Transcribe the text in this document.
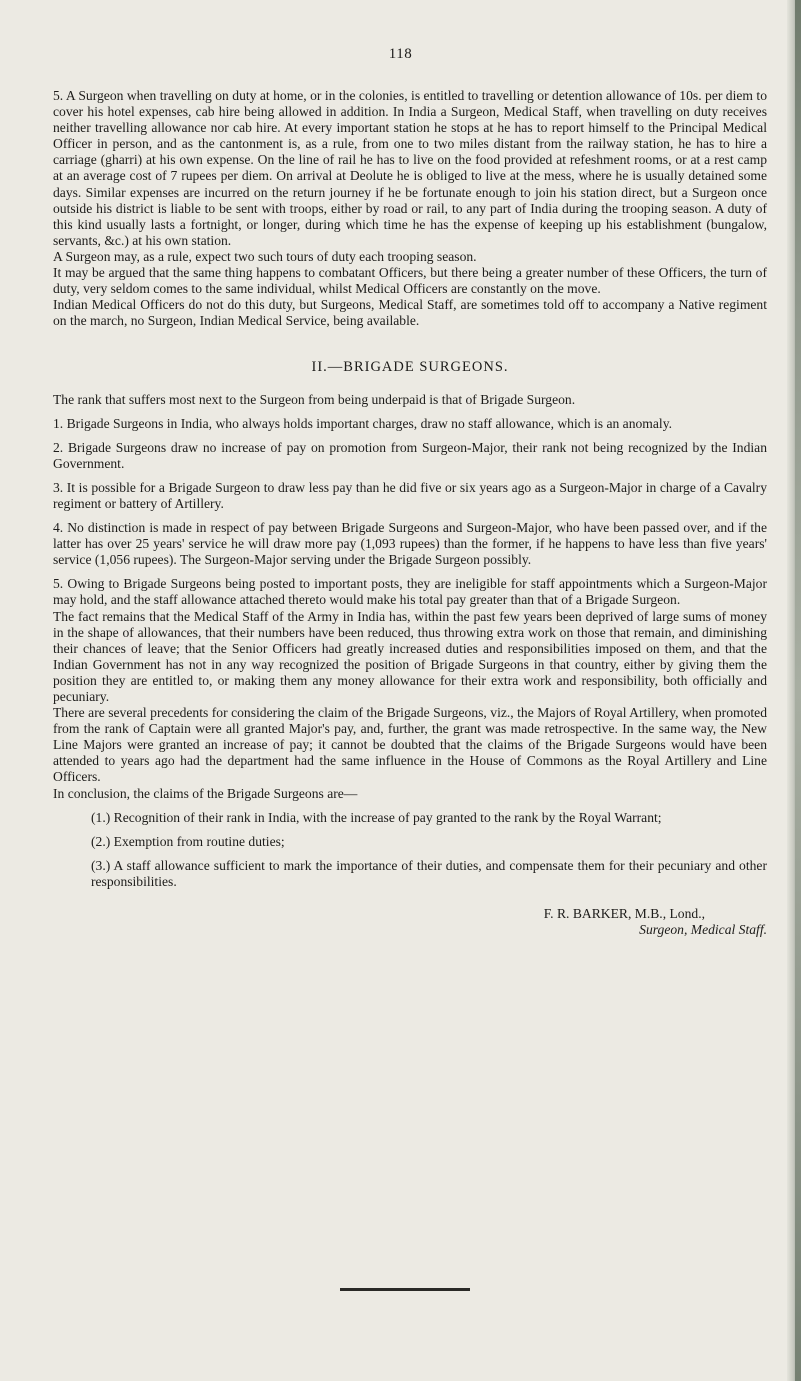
118

5. A Surgeon when travelling on duty at home, or in the colonies, is entitled to travelling or detention allowance of 10s. per diem to cover his hotel expenses, cab hire being allowed in addition. In India a Surgeon, Medical Staff, when travelling on duty receives neither travelling allowance nor cab hire. At every important station he stops at he has to report himself to the Principal Medical Officer in person, and as the cantonment is, as a rule, from one to two miles distant from the railway station, he has to hire a carriage (gharri) at his own expense. On the line of rail he has to live on the food provided at refeshment rooms, or at a rest camp at an average cost of 7 rupees per diem. On arrival at Deolute he is obliged to live at the mess, where he is usually detained some days. Similar expenses are incurred on the return journey if he be fortunate enough to join his station direct, but a Surgeon once outside his district is liable to be sent with troops, either by road or rail, to any part of India during the trooping season. A duty of this kind usually lasts a fortnight, or longer, during which time he has the expense of keeping up his establishment (bungalow, servants, &c.) at his own station.

A Surgeon may, as a rule, expect two such tours of duty each trooping season.

It may be argued that the same thing happens to combatant Officers, but there being a greater number of these Officers, the turn of duty, very seldom comes to the same individual, whilst Medical Officers are constantly on the move.

Indian Medical Officers do not do this duty, but Surgeons, Medical Staff, are sometimes told off to accompany a Native regiment on the march, no Surgeon, Indian Medical Service, being available.

II.—BRIGADE SURGEONS.

The rank that suffers most next to the Surgeon from being underpaid is that of Brigade Surgeon.

1. Brigade Surgeons in India, who always holds important charges, draw no staff allowance, which is an anomaly.

2. Brigade Surgeons draw no increase of pay on promotion from Surgeon-Major, their rank not being recognized by the Indian Government.

3. It is possible for a Brigade Surgeon to draw less pay than he did five or six years ago as a Surgeon-Major in charge of a Cavalry regiment or battery of Artillery.

4. No distinction is made in respect of pay between Brigade Surgeons and Surgeon-Major, who have been passed over, and if the latter has over 25 years' service he will draw more pay (1,093 rupees) than the former, if he happens to have less than five years' service (1,056 rupees). The Surgeon-Major serving under the Brigade Surgeon possibly.

5. Owing to Brigade Surgeons being posted to important posts, they are ineligible for staff appointments which a Surgeon-Major may hold, and the staff allowance attached thereto would make his total pay greater than that of a Brigade Surgeon.

The fact remains that the Medical Staff of the Army in India has, within the past few years been deprived of large sums of money in the shape of allowances, that their numbers have been reduced, thus throwing extra work on those that remain, and diminishing their chances of leave; that the Senior Officers had greatly increased duties and responsibilities imposed on them, and that the Indian Government has not in any way recognized the position of Brigade Surgeons in that country, either by giving them the position they are entitled to, or making them any money allowance for their extra work and responsibility, both officially and pecuniary.

There are several precedents for considering the claim of the Brigade Surgeons, viz., the Majors of Royal Artillery, when promoted from the rank of Captain were all granted Major's pay, and, further, the grant was made retrospective. In the same way, the New Line Majors were granted an increase of pay; it cannot be doubted that the claims of the Brigade Surgeons would have been attended to years ago had the department had the same influence in the House of Commons as the Royal Artillery and Line Officers.

In conclusion, the claims of the Brigade Surgeons are—

(1.) Recognition of their rank in India, with the increase of pay granted to the rank by the Royal Warrant;

(2.) Exemption from routine duties;

(3.) A staff allowance sufficient to mark the importance of their duties, and compensate them for their pecuniary and other responsibilities.

F. R. BARKER, M.B., Lond.,

Surgeon, Medical Staff.
